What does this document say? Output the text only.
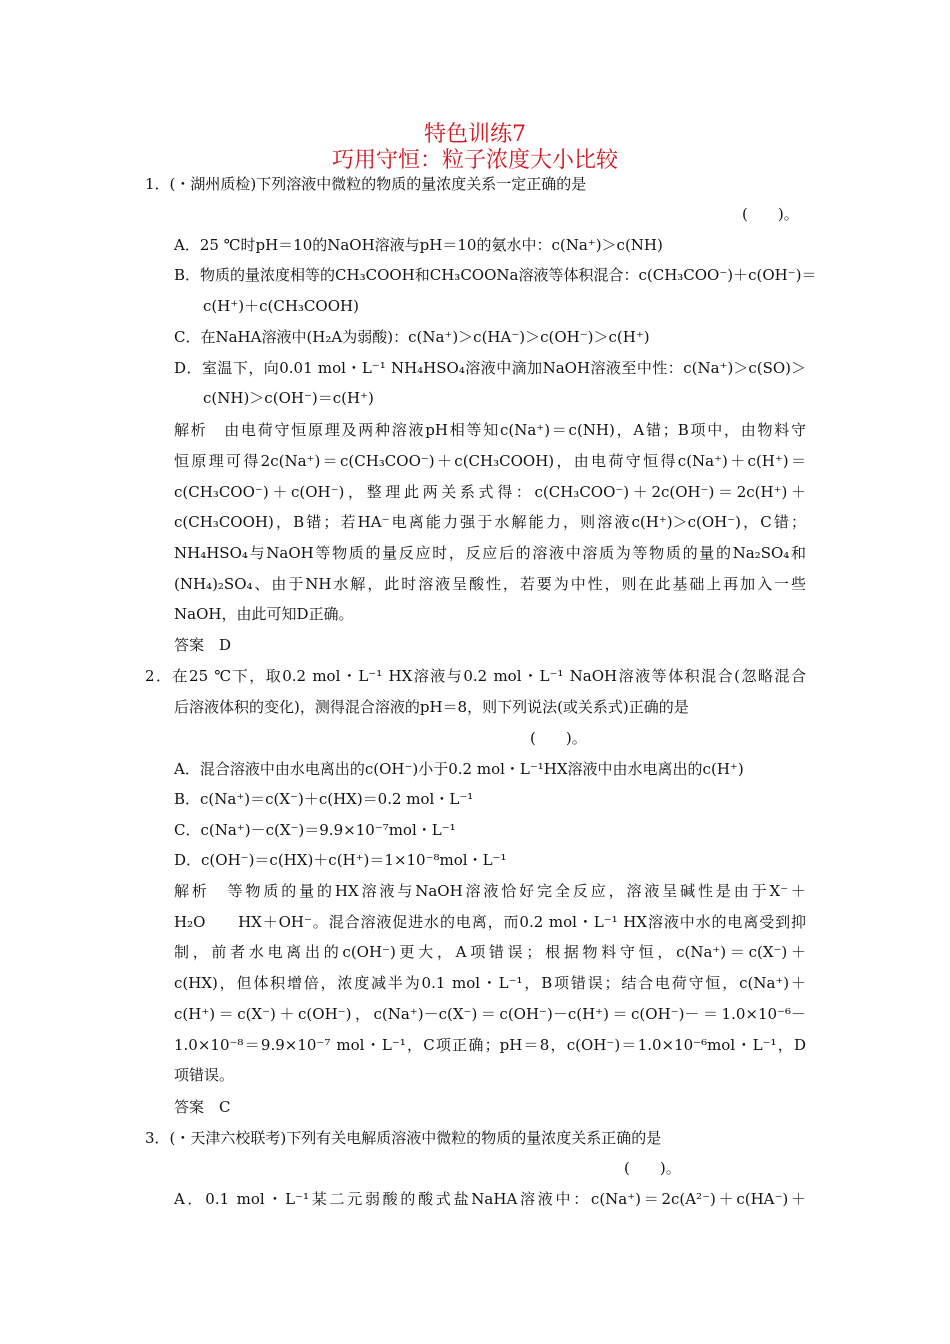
特色训练7
巧用守恒：粒子浓度大小比较
1．(・湖州质检)下列溶液中微粒的物质的量浓度关系一定正确的是
(　　)。
A．25 ℃时pH＝10的NaOH溶液与pH＝10的氨水中：c(Na⁺)＞c(NH)
B．物质的量浓度相等的CH₃COOH和CH₃COONa溶液等体积混合：c(CH₃COO⁻)＋c(OH⁻)＝
c(H⁺)＋c(CH₃COOH)
C．在NaHA溶液中(H₂A为弱酸)：c(Na⁺)＞c(HA⁻)＞c(OH⁻)＞c(H⁺)
D．室温下，向0.01 mol・L⁻¹ NH₄HSO₄溶液中滴加NaOH溶液至中性：c(Na⁺)＞c(SO)＞
c(NH)＞c(OH⁻)＝c(H⁺)
解析　由电荷守恒原理及两种溶液pH相等知c(Na⁺)＝c(NH)，A错；B项中，由物料守
恒原理可得2c(Na⁺)＝c(CH₃COO⁻)＋c(CH₃COOH)，由电荷守恒得c(Na⁺)＋c(H⁺)＝
c(CH₃COO⁻)＋c(OH⁻)，整理此两关系式得：c(CH₃COO⁻)＋2c(OH⁻)＝2c(H⁺)＋
c(CH₃COOH)，B错；若HA⁻电离能力强于水解能力，则溶液c(H⁺)＞c(OH⁻)，C错；
NH₄HSO₄与NaOH等物质的量反应时，反应后的溶液中溶质为等物质的量的Na₂SO₄和
(NH₄)₂SO₄、由于NH水解，此时溶液呈酸性，若要为中性，则在此基础上再加入一些
NaOH，由此可知D正确。
答案　D
2．在25 ℃下，取0.2 mol・L⁻¹ HX溶液与0.2 mol・L⁻¹ NaOH溶液等体积混合(忽略混合
后溶液体积的变化)，测得混合溶液的pH＝8，则下列说法(或关系式)正确的是
(　　)。
A．混合溶液中由水电离出的c(OH⁻)小于0.2 mol・L⁻¹HX溶液中由水电离出的c(H⁺)
B．c(Na⁺)＝c(X⁻)＋c(HX)＝0.2 mol・L⁻¹
C．c(Na⁺)－c(X⁻)＝9.9×10⁻⁷mol・L⁻¹
D．c(OH⁻)＝c(HX)＋c(H⁺)＝1×10⁻⁸mol・L⁻¹
解析　等物质的量的HX溶液与NaOH溶液恰好完全反应，溶液呈碱性是由于X⁻＋
H₂O　　HX＋OH⁻。混合溶液促进水的电离，而0.2 mol・L⁻¹ HX溶液中水的电离受到抑
制，前者水电离出的c(OH⁻)更大，A项错误；根据物料守恒，c(Na⁺)＝c(X⁻)＋
c(HX)，但体积增倍，浓度减半为0.1 mol・L⁻¹，B项错误；结合电荷守恒，c(Na⁺)＋
c(H⁺)＝c(X⁻)＋c(OH⁻)，c(Na⁺)－c(X⁻)＝c(OH⁻)－c(H⁺)＝c(OH⁻)－＝1.0×10⁻⁶－
1.0×10⁻⁸＝9.9×10⁻⁷ mol・L⁻¹，C项正确；pH＝8，c(OH⁻)＝1.0×10⁻⁶mol・L⁻¹，D
项错误。
答案　C
3．(・天津六校联考)下列有关电解质溶液中微粒的物质的量浓度关系正确的是
(　　)。
A．0.1 mol・L⁻¹某二元弱酸的酸式盐NaHA溶液中：c(Na⁺)＝2c(A²⁻)＋c(HA⁻)＋
